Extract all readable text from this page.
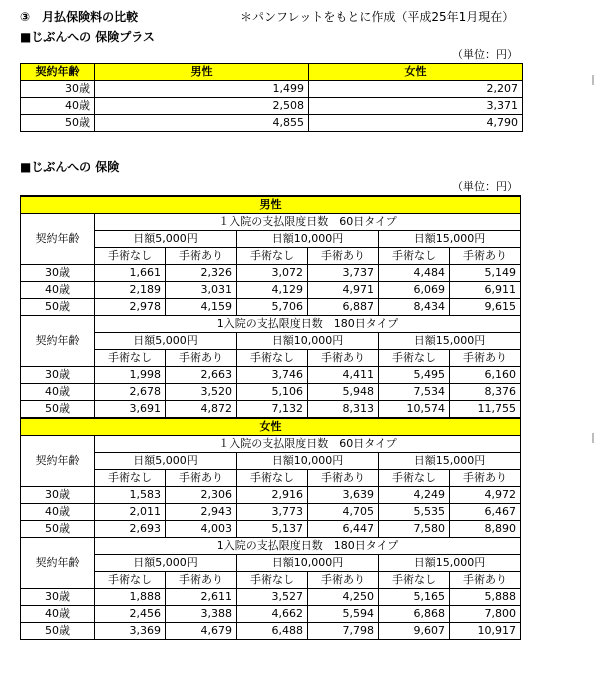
③　月払保険料の比較	＊パンフレットをもとに作成（平成25年1月現在）
■じぶんへの 保険プラス
（単位：円）
契約年齢	男性	女性
30歳	1,499	2,207
40歳	2,508	3,371
50歳	4,855	4,790
■じぶんへの 保険
（単位：円）
男性						
契約年齢	１入院の支払限度日数　60日タイプ					
	日額5,000円		日額10,000円		日額15,000円	
	手術なし	手術あり	手術なし	手術あり	手術なし	手術あり
30歳	1,661	2,326	3,072	3,737	4,484	5,149
40歳	2,189	3,031	4,129	4,971	6,069	6,911
50歳	2,978	4,159	5,706	6,887	8,434	9,615
契約年齢	1入院の支払限度日数　180日タイプ					
	日額5,000円		日額10,000円		日額15,000円	
	手術なし	手術あり	手術なし	手術あり	手術なし	手術あり
30歳	1,998	2,663	3,746	4,411	5,495	6,160
40歳	2,678	3,520	5,106	5,948	7,534	8,376
50歳	3,691	4,872	7,132	8,313	10,574	11,755
女性						
契約年齢	１入院の支払限度日数　60日タイプ					
	日額5,000円		日額10,000円		日額15,000円	
	手術なし	手術あり	手術なし	手術あり	手術なし	手術あり
30歳	1,583	2,306	2,916	3,639	4,249	4,972
40歳	2,011	2,943	3,773	4,705	5,535	6,467
50歳	2,693	4,003	5,137	6,447	7,580	8,890
契約年齢	1入院の支払限度日数　180日タイプ					
	日額5,000円		日額10,000円		日額15,000円	
	手術なし	手術あり	手術なし	手術あり	手術なし	手術あり
30歳	1,888	2,611	3,527	4,250	5,165	5,888
40歳	2,456	3,388	4,662	5,594	6,868	7,800
50歳	3,369	4,679	6,488	7,798	9,607	10,917
